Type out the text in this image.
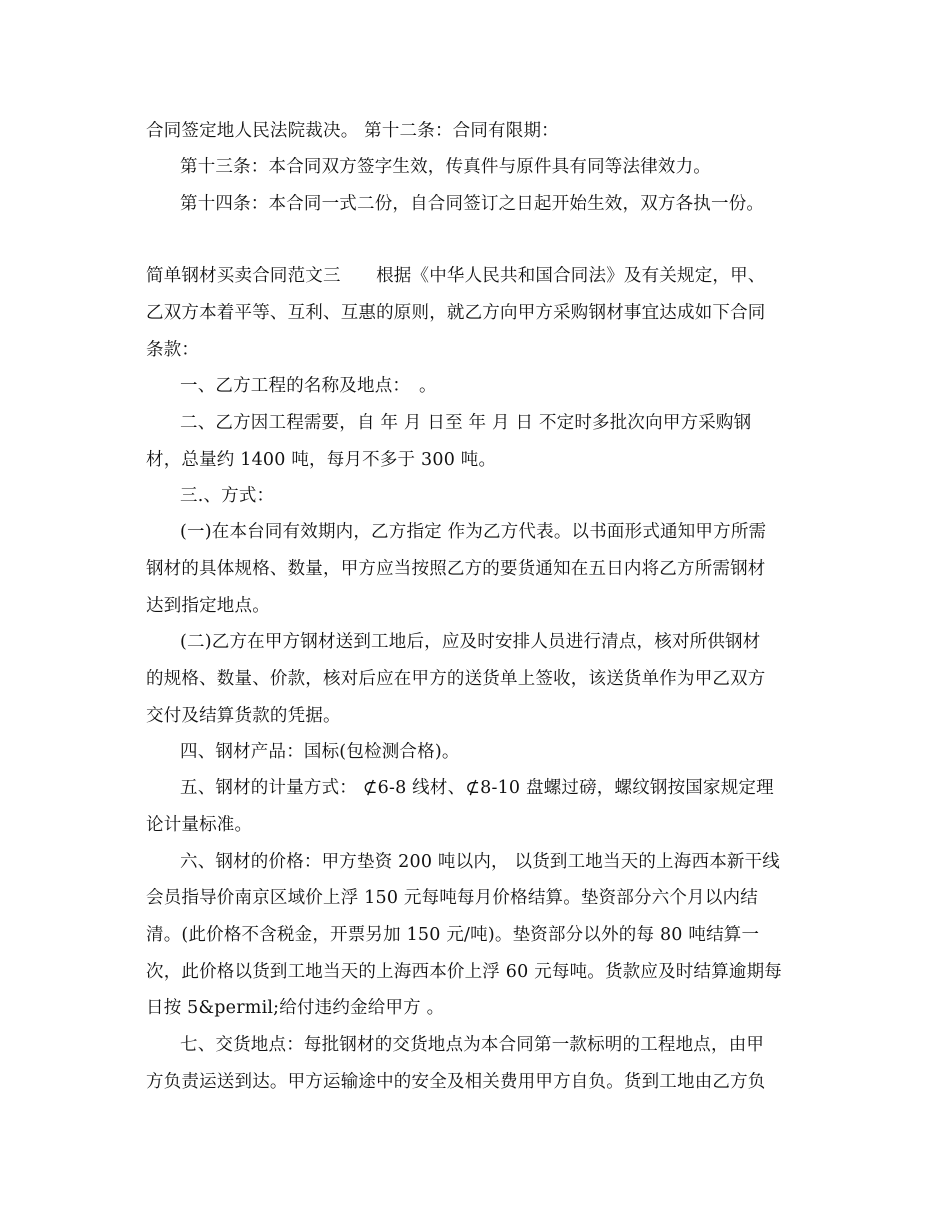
合同签定地人民法院裁决。 第十二条：合同有限期：
第十三条：本合同双方签字生效，传真件与原件具有同等法律效力。
第十四条：本合同一式二份，自合同签订之日起开始生效，双方各执一份。
简单钢材买卖合同范文三　　根据《中华人民共和国合同法》及有关规定，甲、
乙双方本着平等、互利、互惠的原则，就乙方向甲方采购钢材事宜达成如下合同
条款：
一、乙方工程的名称及地点：　。
二、乙方因工程需要，自 年 月 日至 年 月 日 不定时多批次向甲方采购钢
材，总量约 1400 吨，每月不多于 300 吨。
三.、方式：
(一)在本台同有效期内，乙方指定 作为乙方代表。以书面形式通知甲方所需
钢材的具体规格、数量，甲方应当按照乙方的要货通知在五日内将乙方所需钢材
达到指定地点。
(二)乙方在甲方钢材送到工地后，应及时安排人员进行清点，核对所供钢材
的规格、数量、价款，核对后应在甲方的送货单上签收，该送货单作为甲乙双方
交付及结算货款的凭据。
四、钢材产品：国标(包检测合格)。
五、钢材的计量方式： ⊄6-8 线材、⊄8-10 盘螺过磅，螺纹钢按国家规定理
论计量标准。
六、钢材的价格：甲方垫资 200 吨以内， 以货到工地当天的上海西本新干线
会员指导价南京区域价上浮 150 元每吨每月价格结算。垫资部分六个月以内结
清。(此价格不含税金，开票另加 150 元/吨)。垫资部分以外的每 80 吨结算一
次，此价格以货到工地当天的上海西本价上浮 60 元每吨。货款应及时结算逾期每
日按 5&permil;给付违约金给甲方 。
七、交货地点：每批钢材的交货地点为本合同第一款标明的工程地点，由甲
方负责运送到达。甲方运输途中的安全及相关费用甲方自负。货到工地由乙方负
